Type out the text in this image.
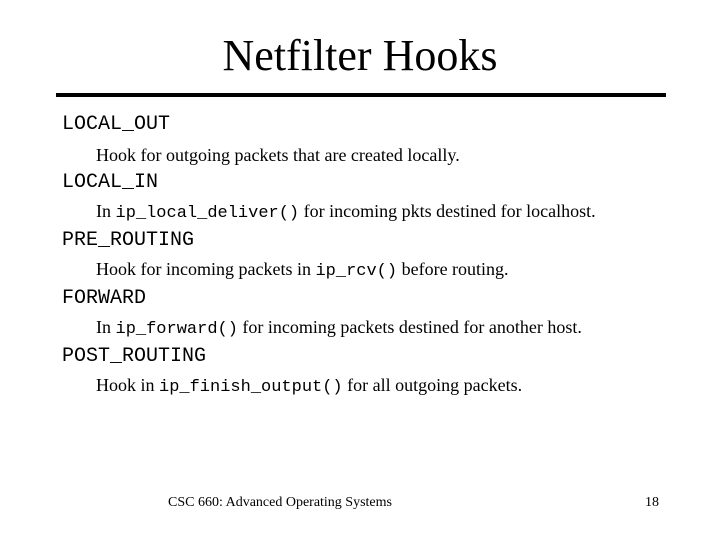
Netfilter Hooks
LOCAL_OUT
Hook for outgoing packets that are created locally.
LOCAL_IN
In ip_local_deliver() for incoming pkts destined for localhost.
PRE_ROUTING
Hook for incoming packets in ip_rcv() before routing.
FORWARD
In ip_forward() for incoming packets destined for another host.
POST_ROUTING
Hook in ip_finish_output() for all outgoing packets.
CSC 660: Advanced Operating Systems	18
